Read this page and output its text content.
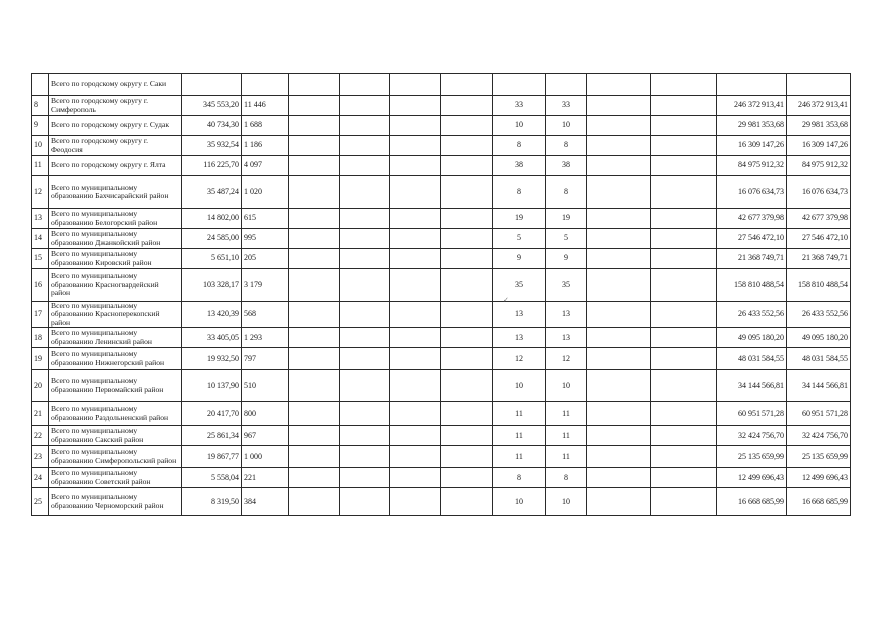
	Всего по городскому округу г. Саки												
8	Всего по городскому округу г. Симферополь	345 553,20	11 446					33	33			246 372 913,41	246 372 913,41
9	Всего по городскому округу г. Судак	40 734,30	1 688					10	10			29 981 353,68	29 981 353,68
10	Всего по городскому округу г. Феодосия	35 932,54	1 186					8	8			16 309 147,26	16 309 147,26
11	Всего по городскому округу г. Ялта	116 225,70	4 097					38	38			84 975 912,32	84 975 912,32
12	Всего по муниципальному образованию Бахчисарайский район	35 487,24	1 020					8	8			16 076 634,73	16 076 634,73
13	Всего по муниципальному образованию Белогорский район	14 802,00	615					19	19			42 677 379,98	42 677 379,98
14	Всего по муниципальному образованию Джанкойский район	24 585,00	995					5	5			27 546 472,10	27 546 472,10
15	Всего по муниципальному образованию Кировский район	5 651,10	205					9	9			21 368 749,71	21 368 749,71
16	Всего по муниципальному образованию Красногвардейский район	103 328,17	3 179					35	35			158 810 488,54	158 810 488,54
17	Всего по муниципальному образованию Красноперекопский район	13 420,39	568					13	13			26 433 552,56	26 433 552,56
18	Всего по муниципальному образованию Ленинский район	33 405,05	1 293					13	13			49 095 180,20	49 095 180,20
19	Всего по муниципальному образованию Нижнегорский район	19 932,50	797					12	12			48 031 584,55	48 031 584,55
20	Всего по муниципальному образованию Первомайский район	10 137,90	510					10	10			34 144 566,81	34 144 566,81
21	Всего по муниципальному образованию Раздольненский район	20 417,70	800					11	11			60 951 571,28	60 951 571,28
22	Всего по муниципальному образованию Сакский район	25 861,34	967					11	11			32 424 756,70	32 424 756,70
23	Всего по муниципальному образованию Симферопольский район	19 867,77	1 000					11	11			25 135 659,99	25 135 659,99
24	Всего по муниципальному образованию Советский район	5 558,04	221					8	8			12 499 696,43	12 499 696,43
25	Всего по муниципальному образованию Черноморский район	8 319,50	384					10	10			16 668 685,99	16 668 685,99
✓
